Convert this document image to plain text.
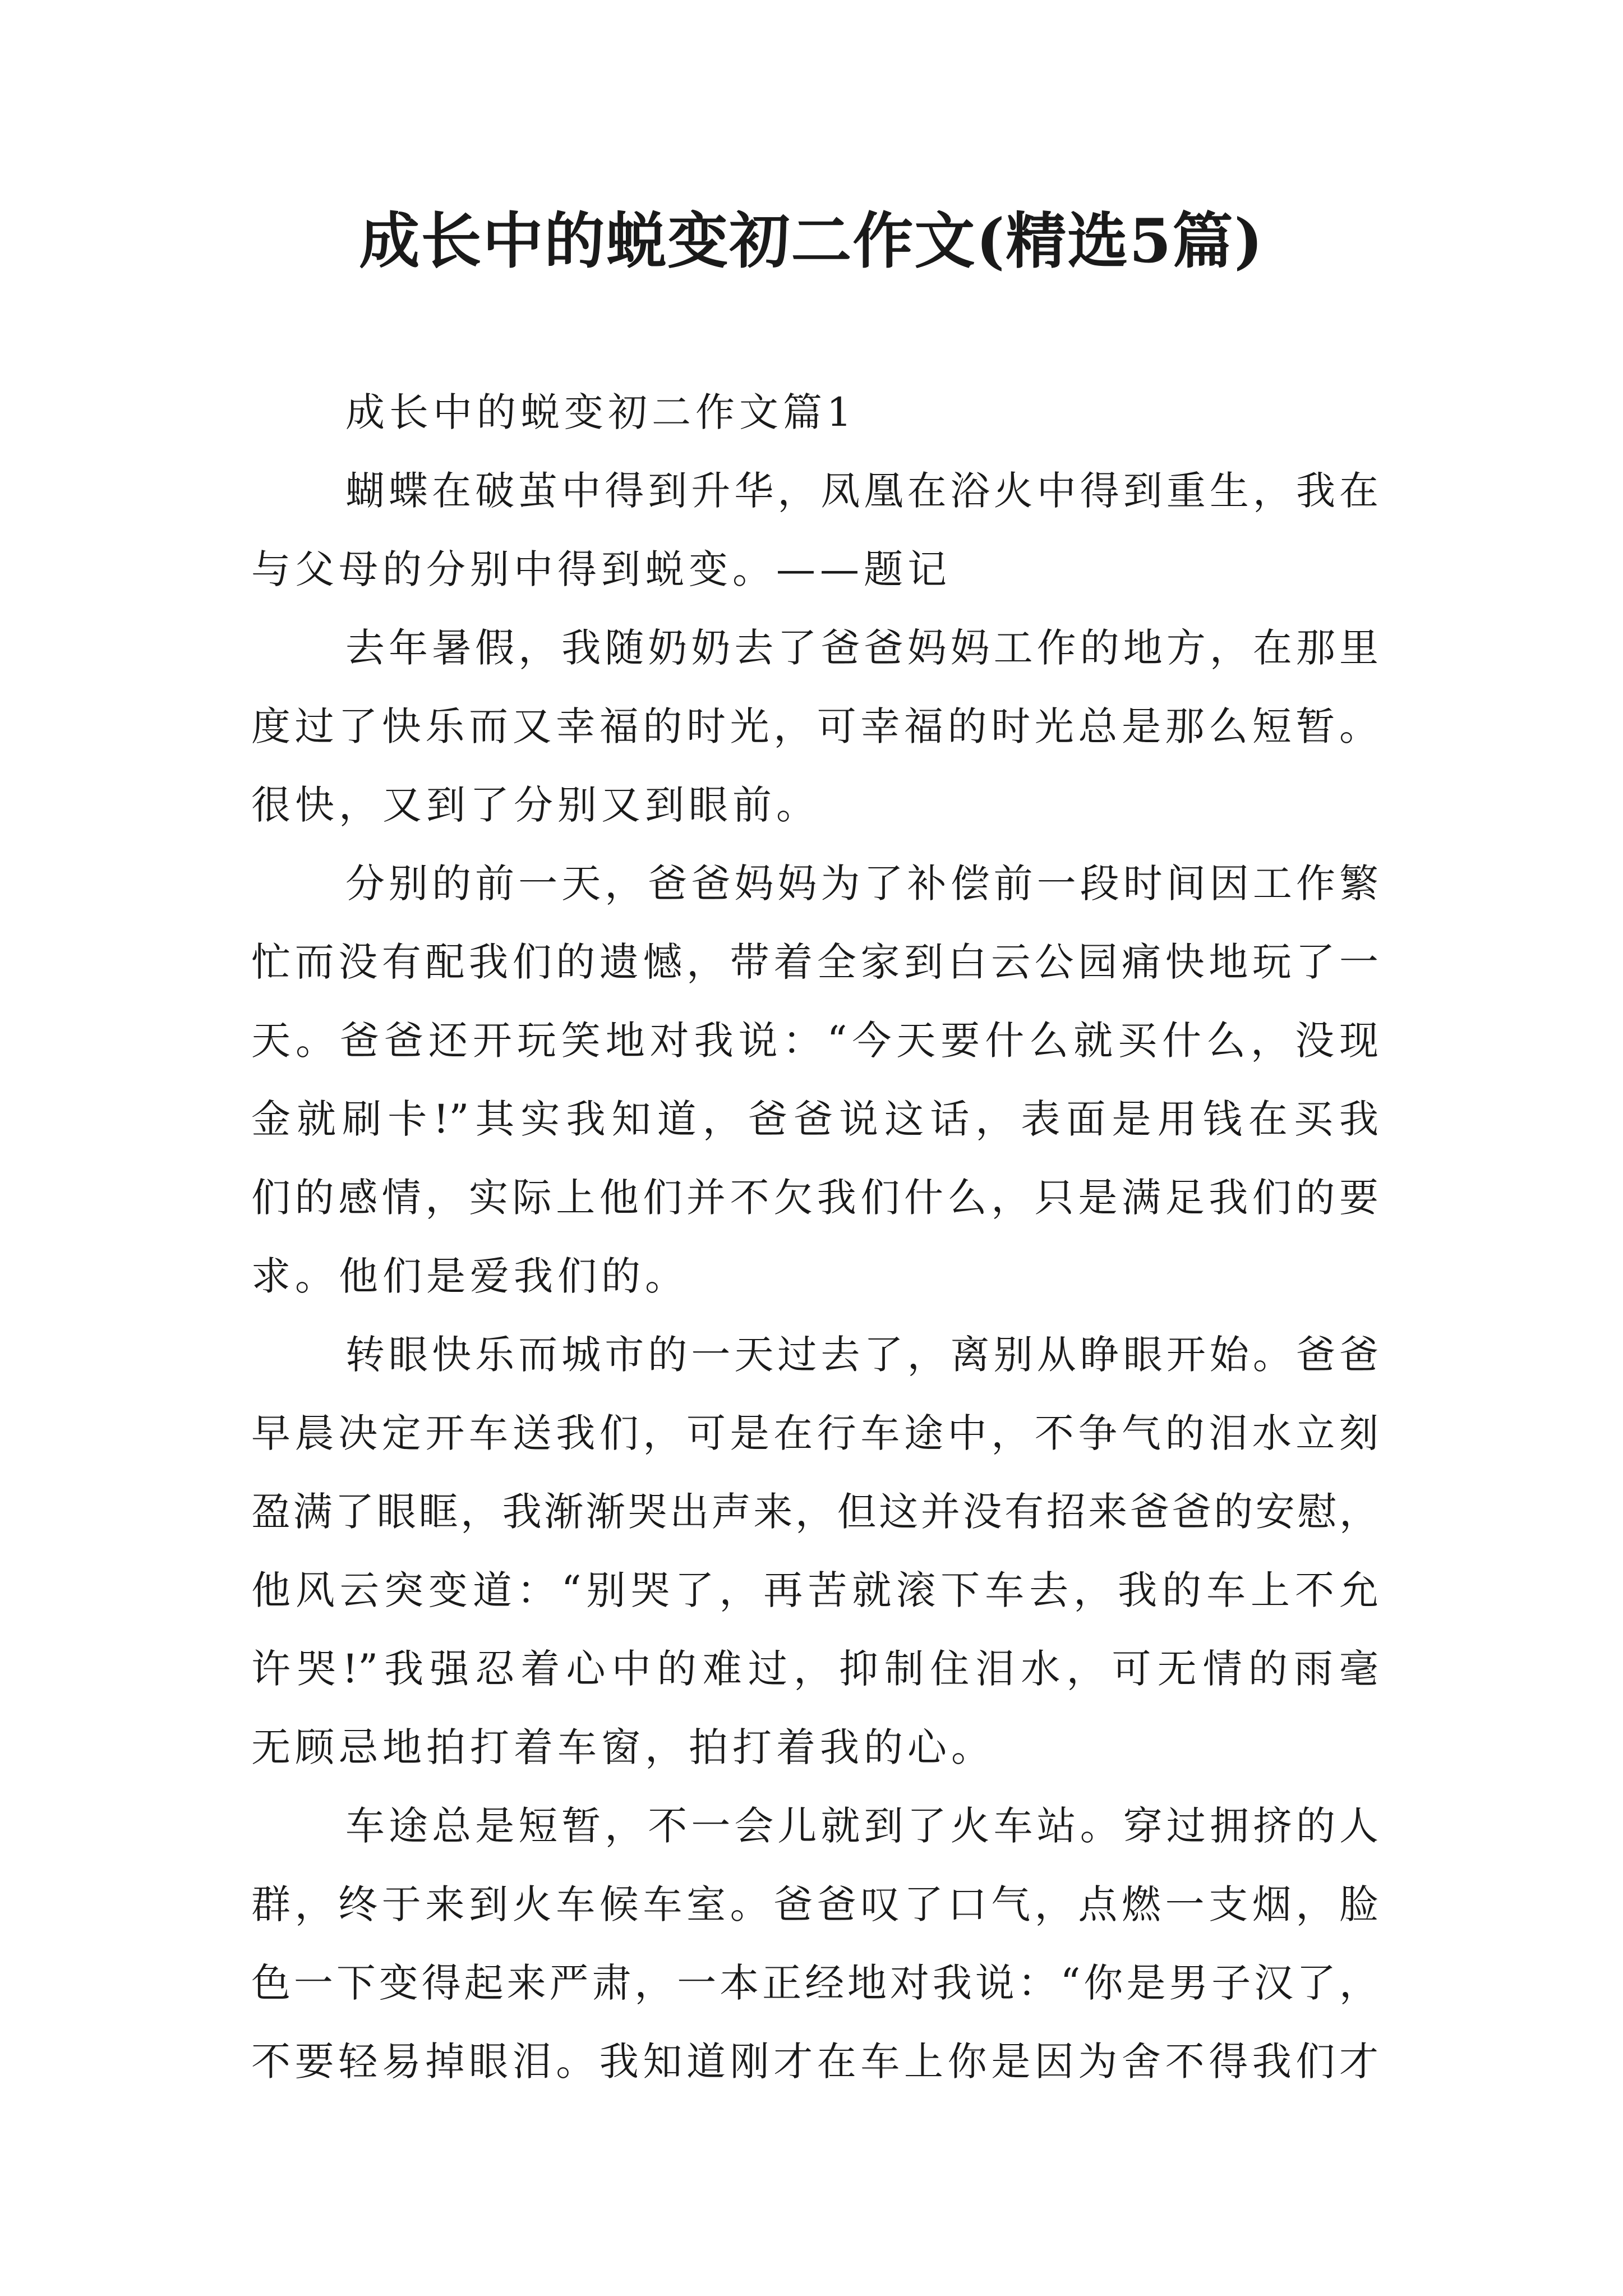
成长中的蜕变初二作文(精选5篇)
成长中的蜕变初二作文篇1
蝴蝶在破茧中得到升华，凤凰在浴火中得到重生，我在
与父母的分别中得到蜕变。——题记
去年暑假，我随奶奶去了爸爸妈妈工作的地方，在那里
度过了快乐而又幸福的时光，可幸福的时光总是那么短暂。
很快，又到了分别又到眼前。
分别的前一天，爸爸妈妈为了补偿前一段时间因工作繁
忙而没有配我们的遗憾，带着全家到白云公园痛快地玩了一
天。爸爸还开玩笑地对我说：“今天要什么就买什么，没现
金就刷卡!”其实我知道，爸爸说这话，表面是用钱在买我
们的感情，实际上他们并不欠我们什么，只是满足我们的要
求。他们是爱我们的。
转眼快乐而城市的一天过去了，离别从睁眼开始。爸爸
早晨决定开车送我们，可是在行车途中，不争气的泪水立刻
盈满了眼眶，我渐渐哭出声来，但这并没有招来爸爸的安慰，
他风云突变道：“别哭了，再苦就滚下车去，我的车上不允
许哭!”我强忍着心中的难过，抑制住泪水，可无情的雨毫
无顾忌地拍打着车窗，拍打着我的心。
车途总是短暂，不一会儿就到了火车站。穿过拥挤的人
群，终于来到火车候车室。爸爸叹了口气，点燃一支烟，脸
色一下变得起来严肃，一本正经地对我说：“你是男子汉了，
不要轻易掉眼泪。我知道刚才在车上你是因为舍不得我们才
